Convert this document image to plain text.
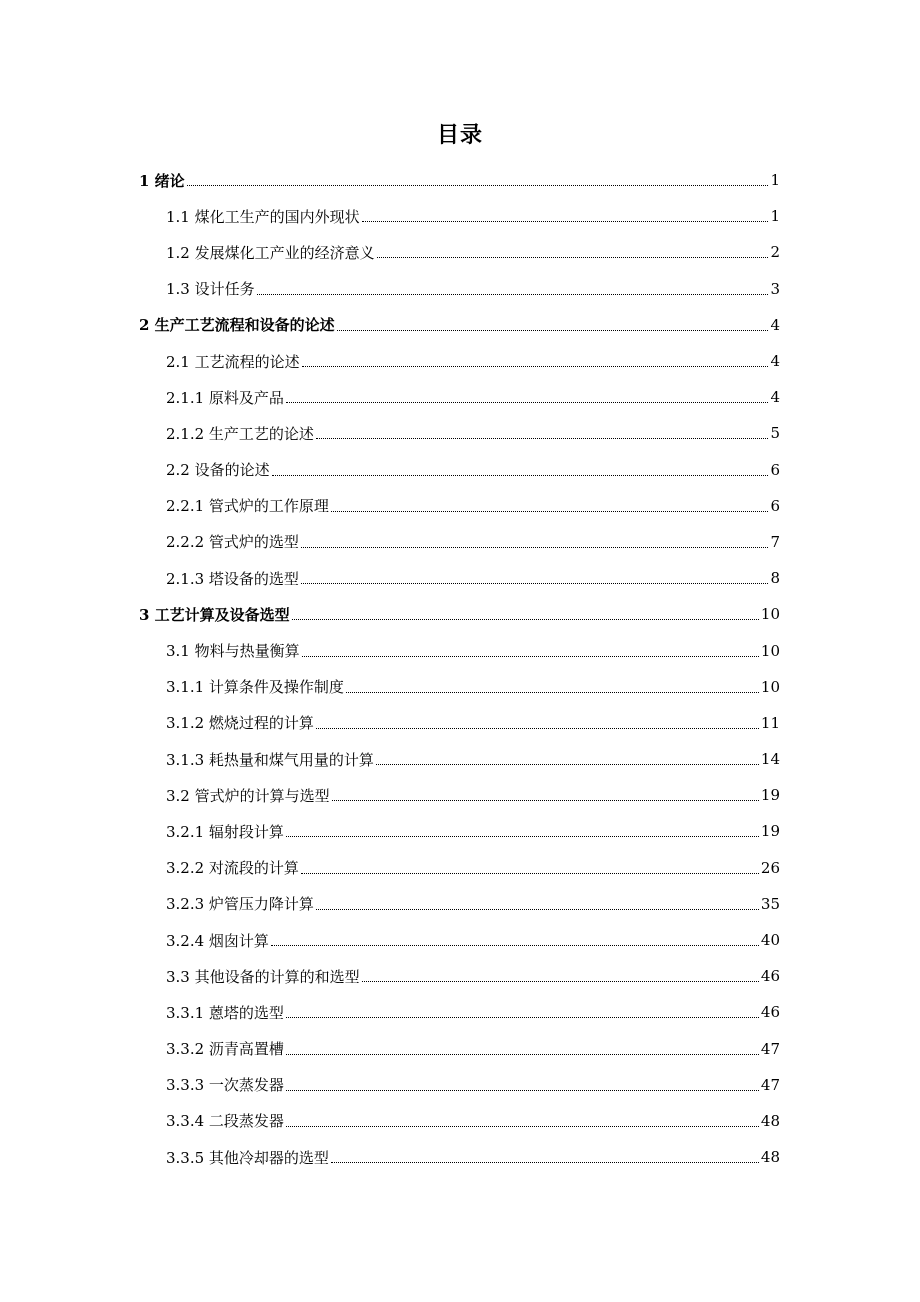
目录
1 绪论	1
1.1 煤化工生产的国内外现状	1
1.2 发展煤化工产业的经济意义	2
1.3 设计任务	3
2 生产工艺流程和设备的论述	4
2.1 工艺流程的论述	4
2.1.1 原料及产品	4
2.1.2 生产工艺的论述	5
2.2 设备的论述	6
2.2.1 管式炉的工作原理	6
2.2.2 管式炉的选型	7
2.1.3 塔设备的选型	8
3 工艺计算及设备选型	10
3.1 物料与热量衡算	10
3.1.1 计算条件及操作制度	10
3.1.2 燃烧过程的计算	11
3.1.3 耗热量和煤气用量的计算	14
3.2 管式炉的计算与选型	19
3.2.1 辐射段计算	19
3.2.2 对流段的计算	26
3.2.3 炉管压力降计算	35
3.2.4 烟囱计算	40
3.3 其他设备的计算的和选型	46
3.3.1 蒽塔的选型	46
3.3.2 沥青高置槽	47
3.3.3 一次蒸发器	47
3.3.4 二段蒸发器	48
3.3.5 其他冷却器的选型	48
